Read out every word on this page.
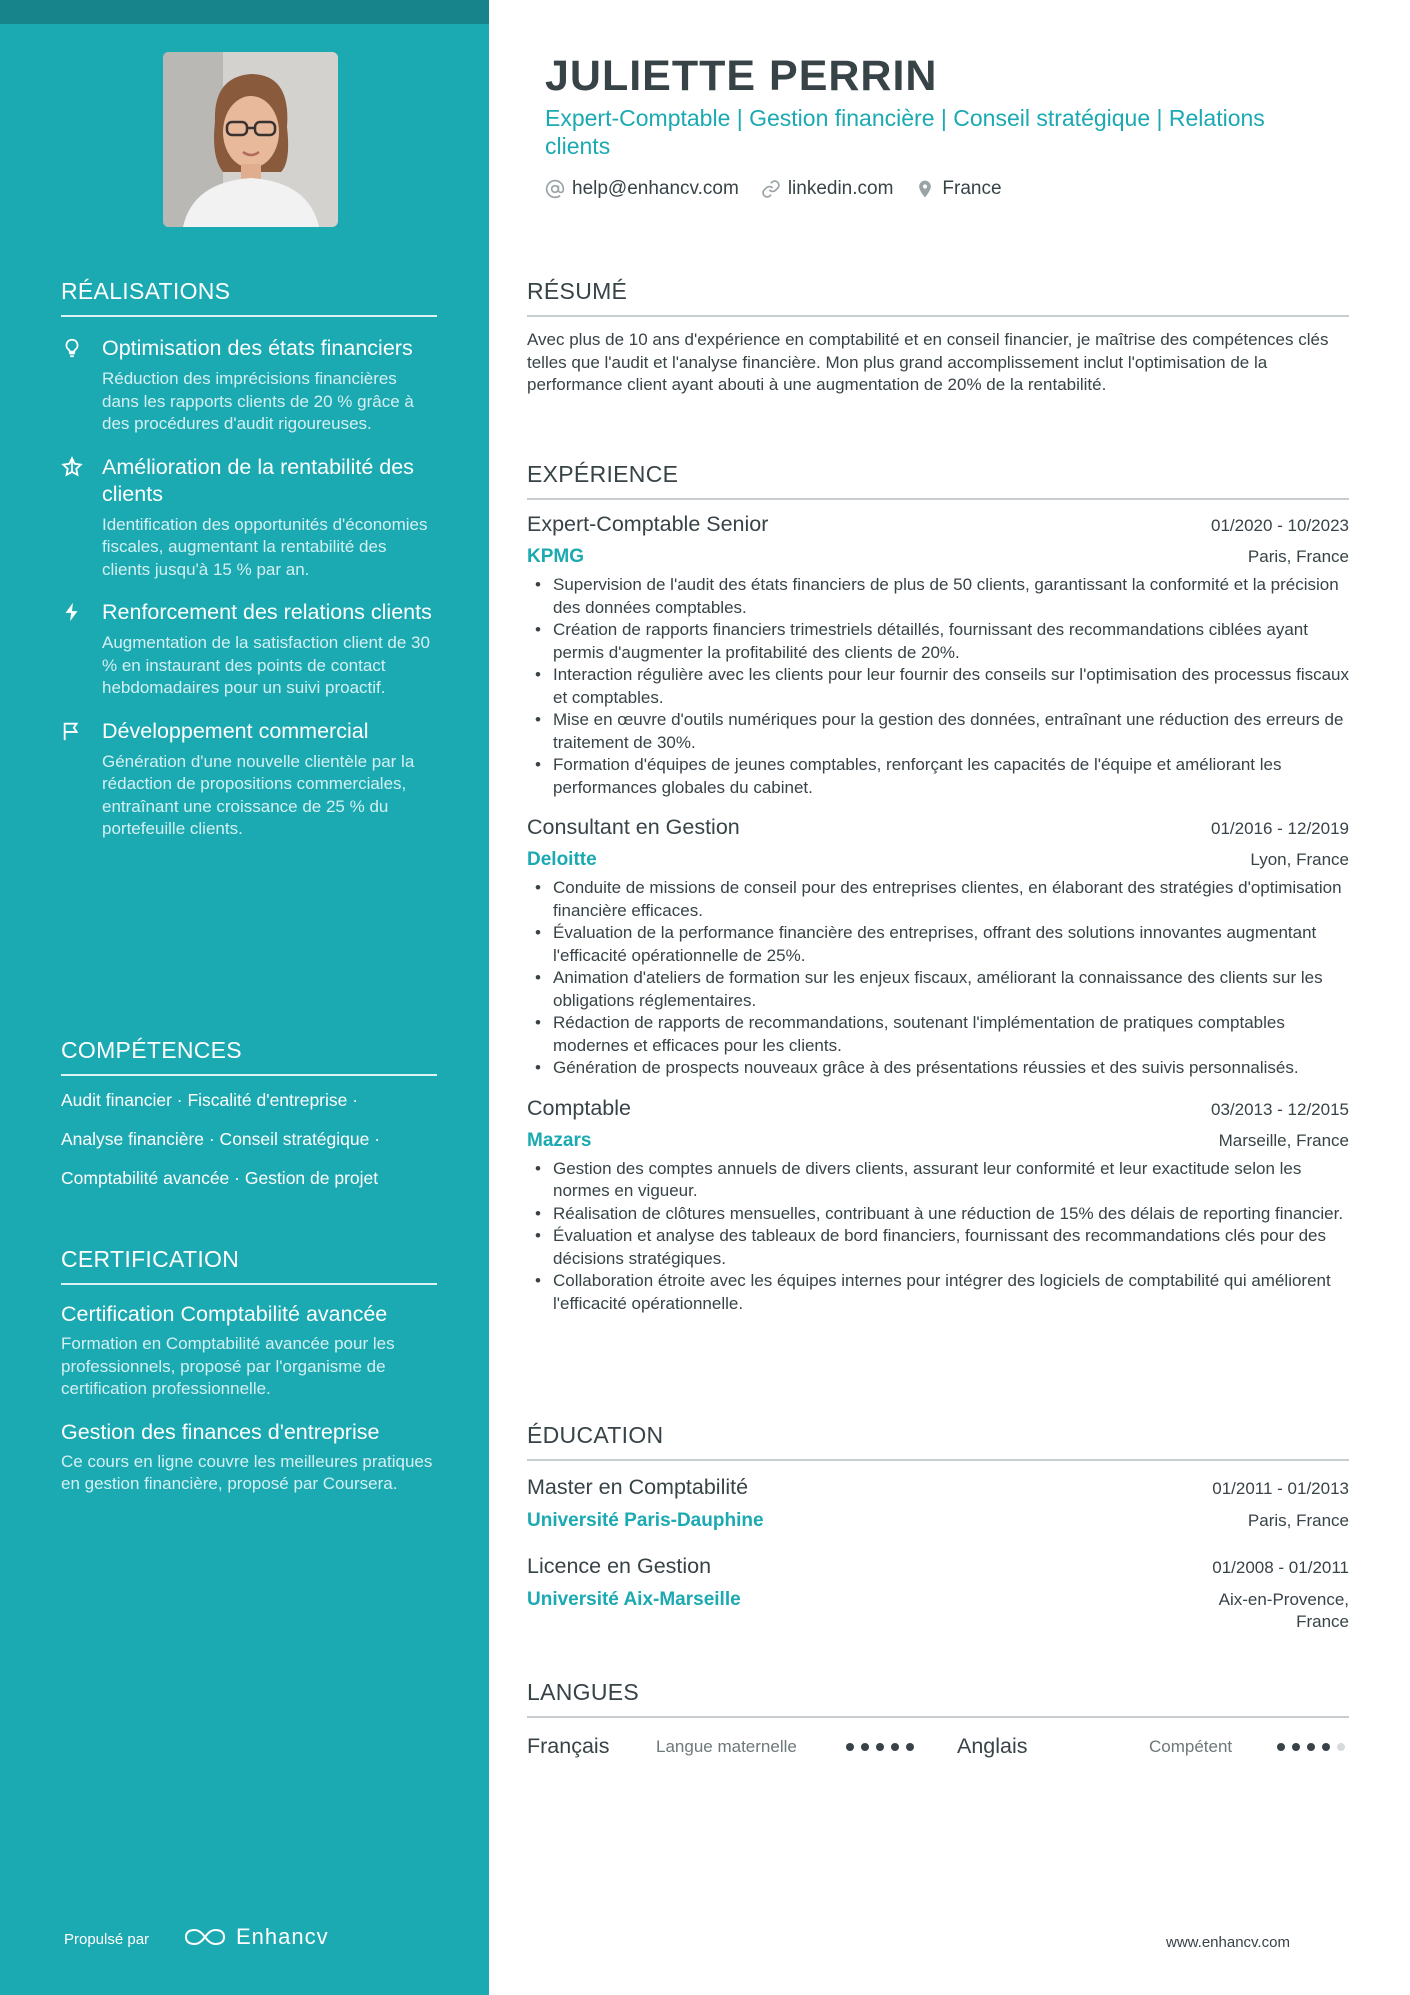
RÉALISATIONS
Optimisation des états financiers
Réduction des imprécisions financières dans les rapports clients de 20 % grâce à des procédures d'audit rigoureuses.
Amélioration de la rentabilité des clients
Identification des opportunités d'économies fiscales, augmentant la rentabilité des clients jusqu'à 15 % par an.
Renforcement des relations clients
Augmentation de la satisfaction client de 30 % en instaurant des points de contact hebdomadaires pour un suivi proactif.
Développement commercial
Génération d'une nouvelle clientèle par la rédaction de propositions commerciales, entraînant une croissance de 25 % du portefeuille clients.
COMPÉTENCES
Audit financier · Fiscalité d'entreprise ·
Analyse financière · Conseil stratégique ·
Comptabilité avancée · Gestion de projet
CERTIFICATION
Certification Comptabilité avancée
Formation en Comptabilité avancée pour les professionnels, proposé par l'organisme de certification professionnelle.
Gestion des finances d'entreprise
Ce cours en ligne couvre les meilleures pratiques en gestion financière, proposé par Coursera.
Propulsé par	Enhancv
JULIETTE PERRIN
Expert-Comptable | Gestion financière | Conseil stratégique | Relations clients
help@enhancv.com	linkedin.com	France
RÉSUMÉ
Avec plus de 10 ans d'expérience en comptabilité et en conseil financier, je maîtrise des compétences clés telles que l'audit et l'analyse financière. Mon plus grand accomplissement inclut l'optimisation de la performance client ayant abouti à une augmentation de 20% de la rentabilité.
EXPÉRIENCE
Expert-Comptable Senior	01/2020 - 10/2023
KPMG	Paris, France
• Supervision de l'audit des états financiers de plus de 50 clients, garantissant la conformité et la précision des données comptables.
• Création de rapports financiers trimestriels détaillés, fournissant des recommandations ciblées ayant permis d'augmenter la profitabilité des clients de 20%.
• Interaction régulière avec les clients pour leur fournir des conseils sur l'optimisation des processus fiscaux et comptables.
• Mise en œuvre d'outils numériques pour la gestion des données, entraînant une réduction des erreurs de traitement de 30%.
• Formation d'équipes de jeunes comptables, renforçant les capacités de l'équipe et améliorant les performances globales du cabinet.
Consultant en Gestion	01/2016 - 12/2019
Deloitte	Lyon, France
• Conduite de missions de conseil pour des entreprises clientes, en élaborant des stratégies d'optimisation financière efficaces.
• Évaluation de la performance financière des entreprises, offrant des solutions innovantes augmentant l'efficacité opérationnelle de 25%.
• Animation d'ateliers de formation sur les enjeux fiscaux, améliorant la connaissance des clients sur les obligations réglementaires.
• Rédaction de rapports de recommandations, soutenant l'implémentation de pratiques comptables modernes et efficaces pour les clients.
• Génération de prospects nouveaux grâce à des présentations réussies et des suivis personnalisés.
Comptable	03/2013 - 12/2015
Mazars	Marseille, France
• Gestion des comptes annuels de divers clients, assurant leur conformité et leur exactitude selon les normes en vigueur.
• Réalisation de clôtures mensuelles, contribuant à une réduction de 15% des délais de reporting financier.
• Évaluation et analyse des tableaux de bord financiers, fournissant des recommandations clés pour des décisions stratégiques.
• Collaboration étroite avec les équipes internes pour intégrer des logiciels de comptabilité qui améliorent l'efficacité opérationnelle.
ÉDUCATION
Master en Comptabilité	01/2011 - 01/2013
Université Paris-Dauphine	Paris, France
Licence en Gestion	01/2008 - 01/2011
Université Aix-Marseille	Aix-en-Provence, France
LANGUES
Français	Langue maternelle	Anglais	Compétent
www.enhancv.com
